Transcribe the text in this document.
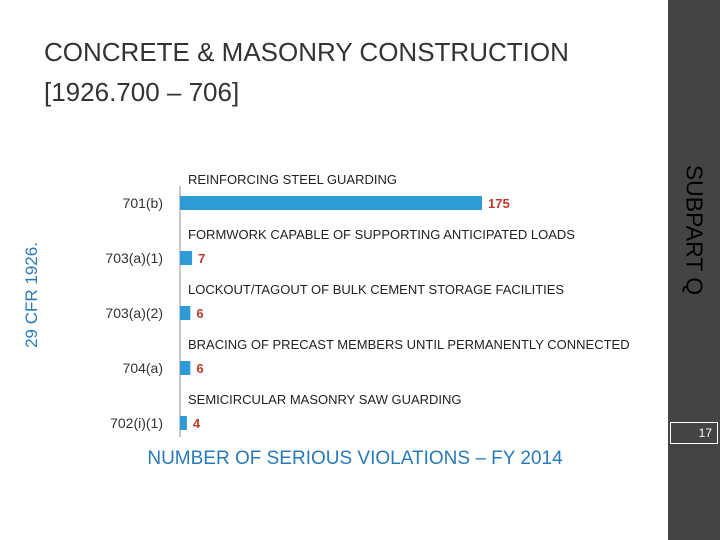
CONCRETE & MASONRY CONSTRUCTION
[1926.700 – 706]
SUBPART Q
29 CFR 1926.
701(b)
REINFORCING STEEL GUARDING
175
703(a)(1)
FORMWORK CAPABLE OF SUPPORTING ANTICIPATED LOADS
7
703(a)(2)
LOCKOUT/TAGOUT OF BULK CEMENT STORAGE FACILITIES
6
704(a)
BRACING OF PRECAST MEMBERS UNTIL PERMANENTLY CONNECTED
6
702(i)(1)
SEMICIRCULAR MASONRY SAW GUARDING
4
17
NUMBER OF SERIOUS VIOLATIONS – FY 2014
